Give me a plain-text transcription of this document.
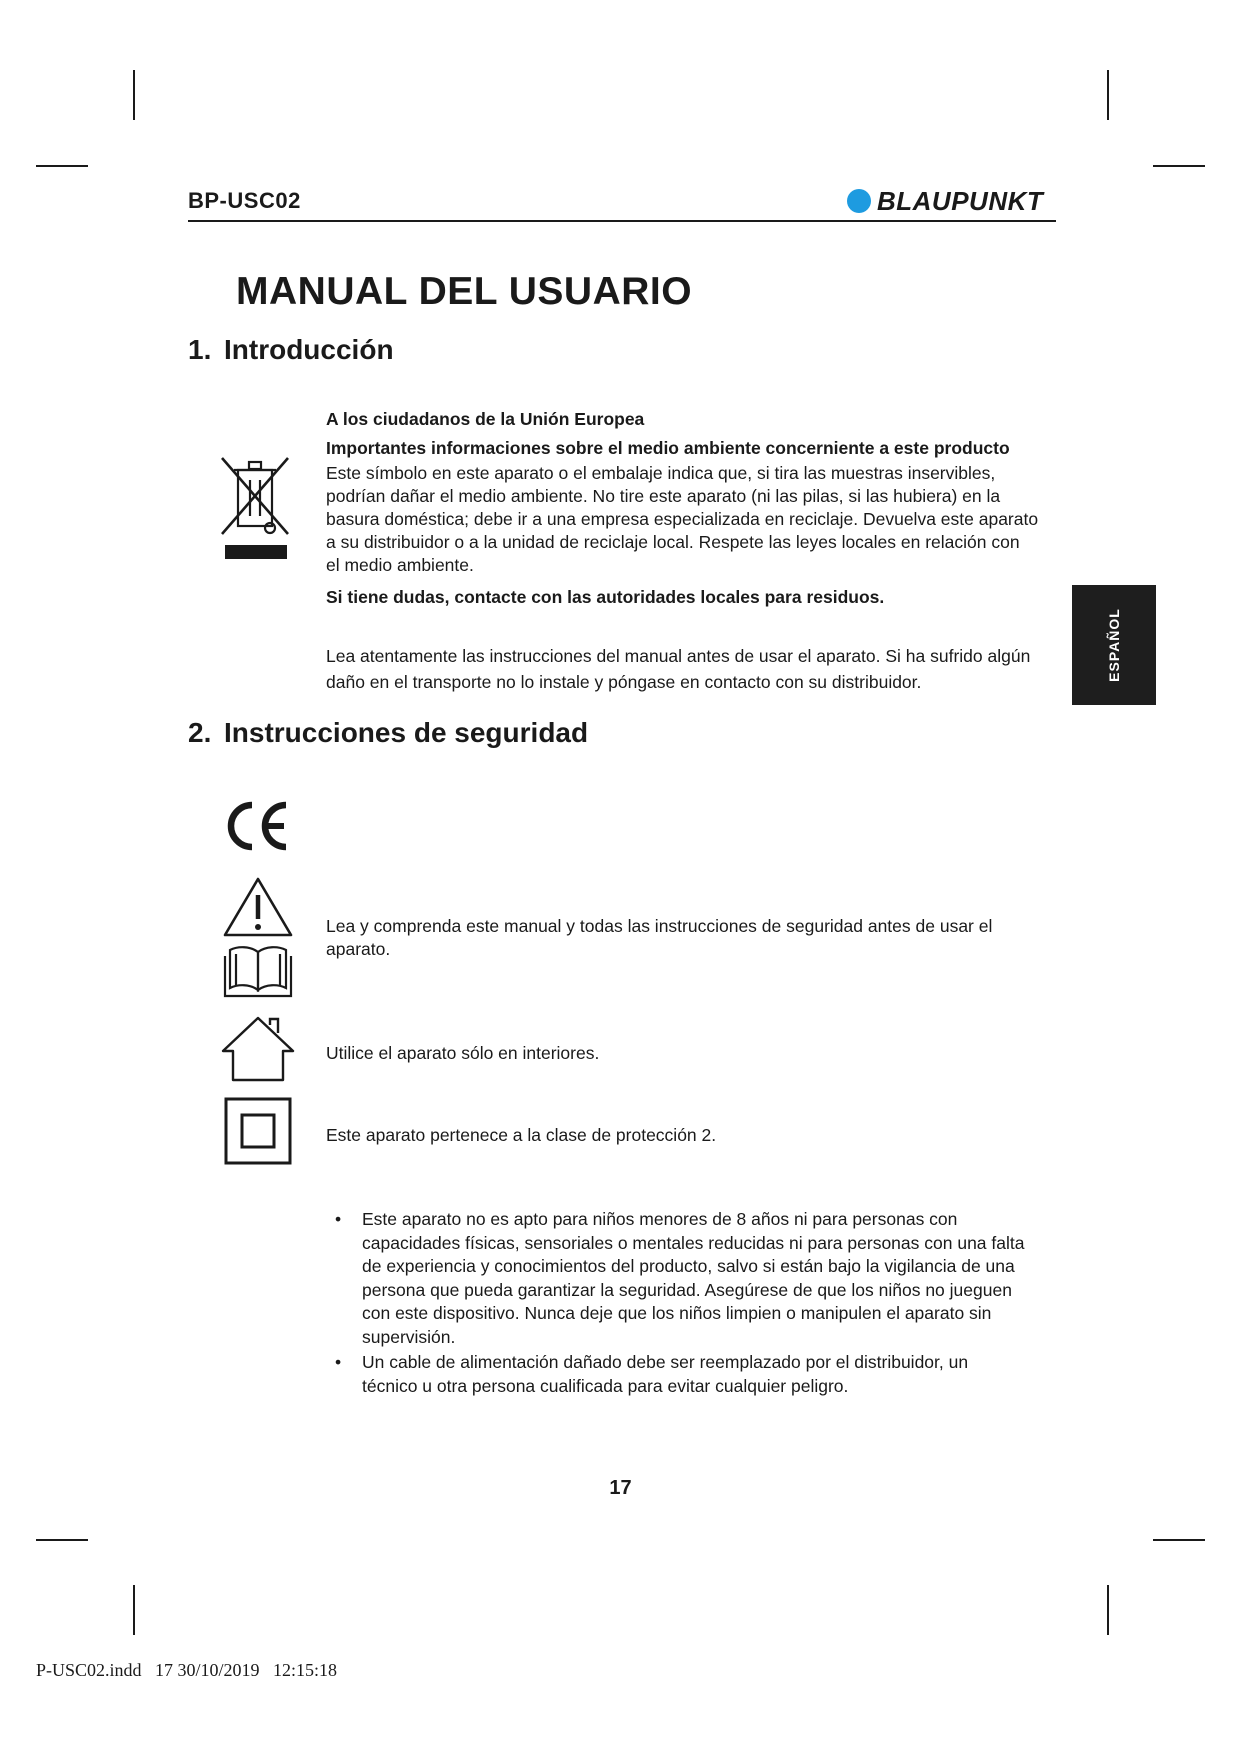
BP-USC02	BLAUPUNKT
MANUAL DEL USUARIO
1. Introducción
A los ciudadanos de la Unión Europea
Importantes informaciones sobre el medio ambiente concerniente a este producto
Este símbolo en este aparato o el embalaje indica que, si tira las muestras inservibles,
podrían dañar el medio ambiente. No tire este aparato (ni las pilas, si las hubiera) en la
basura doméstica; debe ir a una empresa especializada en reciclaje. Devuelva este aparato
a su distribuidor o a la unidad de reciclaje local. Respete las leyes locales en relación con
el medio ambiente.
Si tiene dudas, contacte con las autoridades locales para residuos.
Lea atentamente las instrucciones del manual antes de usar el aparato. Si ha sufrido algún
daño en el transporte no lo instale y póngase en contacto con su distribuidor.
ESPAÑOL
2. Instrucciones de seguridad
Lea y comprenda este manual y todas las instrucciones de seguridad antes de usar el
aparato.
Utilice el aparato sólo en interiores.
Este aparato pertenece a la clase de protección 2.
• Este aparato no es apto para niños menores de 8 años ni para personas con
capacidades físicas, sensoriales o mentales reducidas ni para personas con una falta
de experiencia y conocimientos del producto, salvo si están bajo la vigilancia de una
persona que pueda garantizar la seguridad. Asegúrese de que los niños no jueguen
con este dispositivo. Nunca deje que los niños limpien o manipulen el aparato sin
supervisión.
• Un cable de alimentación dañado debe ser reemplazado por el distribuidor, un
técnico u otra persona cualificada para evitar cualquier peligro.
17
P-USC02.indd   17 30/10/2019   12:15:18
